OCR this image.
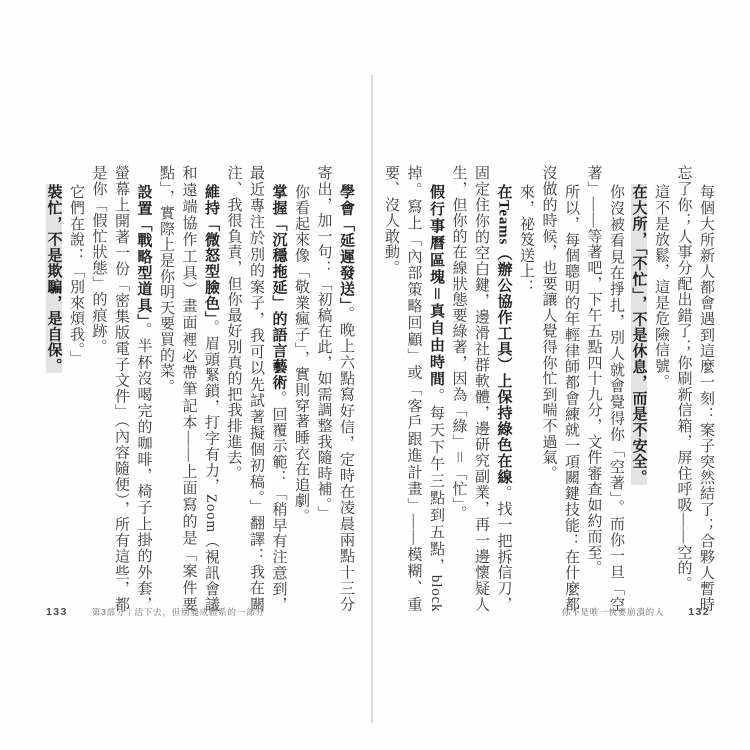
每個大所新人都會遇到這麼一刻：案子突然結了；合夥人暫時忘了你；人事分配出錯了；你刷新信箱，屏住呼吸——空的。

這不是放鬆，這是危險信號。

在大所，「不忙」，不是休息，而是不安全。

你沒被看見在掙扎，別人就會覺得你「空著」。而你一旦「空著」——等著吧，下午五點四十九分，文件審查如約而至。

所以，每個聰明的年輕律師都會練就一項關鍵技能：在什麼都沒做的時候，也要讓人覺得你忙到喘不過氣。

來，祕笈送上：

在Teams（辦公協作工具）上保持綠色在線。找一把拆信刀，固定住你的空白鍵，邊滑社群軟體，邊研究副業，再一邊懷疑人生，但你的在線狀態要綠著，因為「綠」＝「忙」。

假行事曆區塊＝真自由時間。每天下午三點到五點，block 掉。寫上「內部策略回顧」或「客戶跟進計畫」——模糊、重要、沒人敢動。

你不是唯一快要崩潰的人 132

學會「延遲發送」。晚上六點寫好信，定時在凌晨兩點十三分寄出，加一句：「初稿在此，如需調整我隨時補。」

你看起來像「敬業瘋子」，實則穿著睡衣在追劇。

掌握「沉穩拖延」的語言藝術。回覆示範：「稍早有注意到，最近專注於別的案子，我可以先試著擬個初稿。」翻譯：我在關注、我很負責，但你最好別真的把我排進去。

維持「微怒型臉色」。眉頭緊鎖，打字有力，Zoom（視訊會議和遠端協作工具）畫面裡必帶筆記本——上面寫的是「案件要點」，實際上是你明天要買的菜。

設置「戰略型道具」。半杯沒喝完的咖啡，椅子上掛的外套，螢幕上開著一份「密集版電子文件」（內容隨便），所有這些，都是你「假忙狀態」的痕跡。

它們在說：「別來煩我。」

裝忙，不是欺騙，是自保。

133	第3部分｜活下去，但別變成體系的一部分
